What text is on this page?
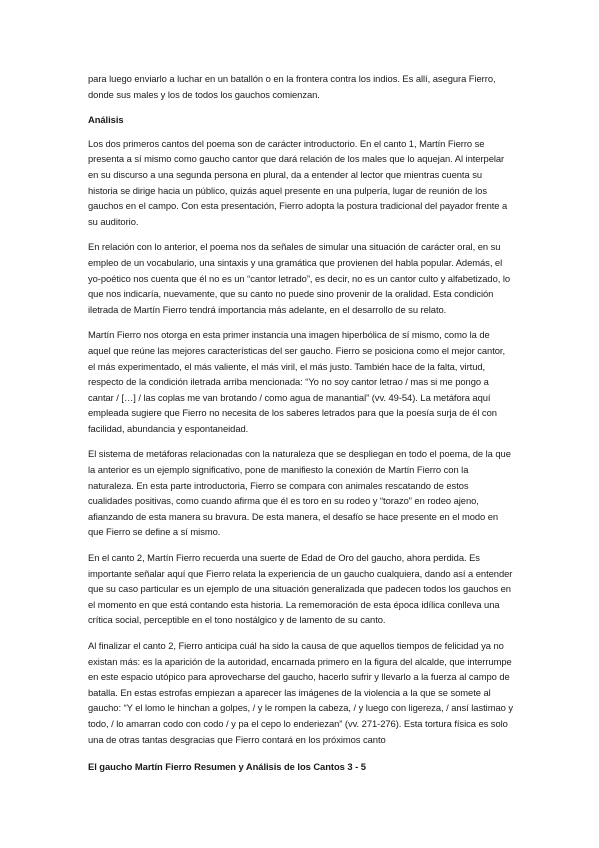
para luego enviarlo a luchar en un batallón o en la frontera contra los indios. Es allí, asegura Fierro, donde sus males y los de todos los gauchos comienzan.

Análisis

Los dos primeros cantos del poema son de carácter introductorio. En el canto 1, Martín Fierro se presenta a sí mismo como gaucho cantor que dará relación de los males que lo aquejan. Al interpelar en su discurso a una segunda persona en plural, da a entender al lector que mientras cuenta su historia se dirige hacia un público, quizás aquel presente en una pulpería, lugar de reunión de los gauchos en el campo. Con esta presentación, Fierro adopta la postura tradicional del payador frente a su auditorio.

En relación con lo anterior, el poema nos da señales de simular una situación de carácter oral, en su empleo de un vocabulario, una sintaxis y una gramática que provienen del habla popular. Además, el yo-poético nos cuenta que él no es un “cantor letrado”, es decir, no es un cantor culto y alfabetizado, lo que nos indicaría, nuevamente, que su canto no puede sino provenir de la oralidad. Esta condición iletrada de Martín Fierro tendrá importancia más adelante, en el desarrollo de su relato.

Martín Fierro nos otorga en esta primer instancia una imagen hiperbólica de sí mismo, como la de aquel que reúne las mejores características del ser gaucho. Fierro se posiciona como el mejor cantor, el más experimentado, el más valiente, el más viril, el más justo. También hace de la falta, virtud, respecto de la condición iletrada arriba mencionada: “Yo no soy cantor letrao / mas si me pongo a cantar / […] / las coplas me van brotando / como agua de manantial” (vv. 49-54). La metáfora aquí empleada sugiere que Fierro no necesita de los saberes letrados para que la poesía surja de él con facilidad, abundancia y espontaneidad.

El sistema de metáforas relacionadas con la naturaleza que se despliegan en todo el poema, de la que la anterior es un ejemplo significativo, pone de manifiesto la conexión de Martín Fierro con la naturaleza. En esta parte introductoria, Fierro se compara con animales rescatando de estos cualidades positivas, como cuando afirma que él es toro en su rodeo y “torazo” en rodeo ajeno, afianzando de esta manera su bravura. De esta manera, el desafío se hace presente en el modo en que Fierro se define a sí mismo.

En el canto 2, Martín Fierro recuerda una suerte de Edad de Oro del gaucho, ahora perdida. Es importante señalar aquí que Fierro relata la experiencia de un gaucho cualquiera, dando así a entender que su caso particular es un ejemplo de una situación generalizada que padecen todos los gauchos en el momento en que está contando esta historia. La rememoración de esta época idílica conlleva una crítica social, perceptible en el tono nostálgico y de lamento de su canto.

Al finalizar el canto 2, Fierro anticipa cuál ha sido la causa de que aquellos tiempos de felicidad ya no existan más: es la aparición de la autoridad, encarnada primero en la figura del alcalde, que interrumpe en este espacio utópico para aprovecharse del gaucho, hacerlo sufrir y llevarlo a la fuerza al campo de batalla. En estas estrofas empiezan a aparecer las imágenes de la violencia a la que se somete al gaucho: “Y el lomo le hinchan a golpes, / y le rompen la cabeza, / y luego con ligereza, / ansí lastimao y todo, / lo amarran codo con codo / y pa el cepo lo enderiezan” (vv. 271-276). Esta tortura física es solo una de otras tantas desgracias que Fierro contará en los próximos canto

El gaucho Martín Fierro Resumen y Análisis de los Cantos 3 - 5
